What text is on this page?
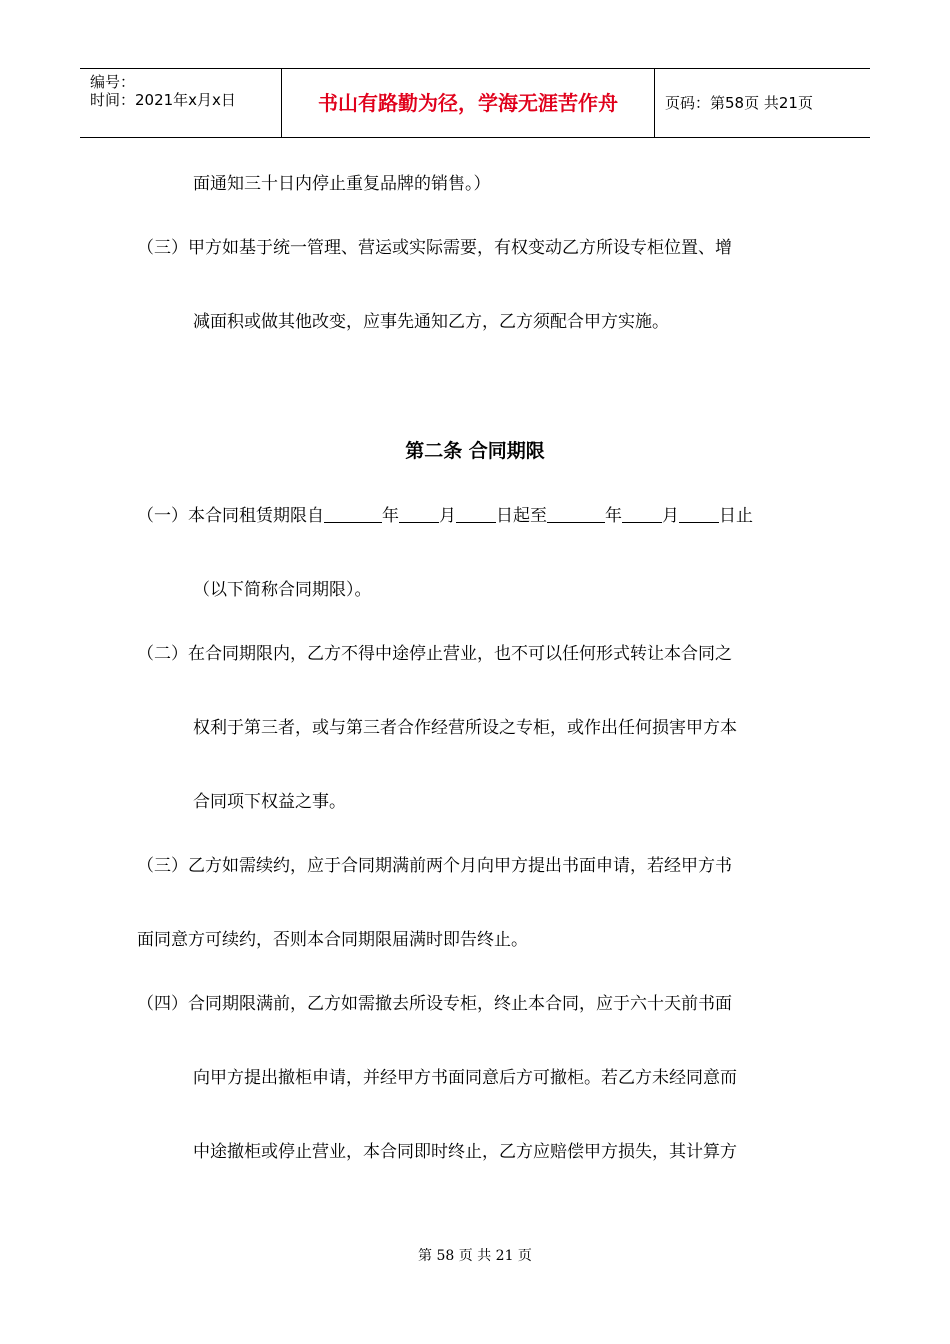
编号：
时间：2021年x月x日	书山有路勤为径，学海无涯苦作舟	页码：第58页 共21页
面通知三十日内停止重复品牌的销售。）
（三）甲方如基于统一管理、营运或实际需要，有权变动乙方所设专柜位置、增
减面积或做其他改变，应事先通知乙方，乙方须配合甲方实施。
第二条 合同期限
（一）本合同租赁期限自	年 月 日起至	年 月 日止
（以下简称合同期限）。
（二）在合同期限内，乙方不得中途停止营业，也不可以任何形式转让本合同之
权利于第三者，或与第三者合作经营所设之专柜，或作出任何损害甲方本
合同项下权益之事。
（三）乙方如需续约，应于合同期满前两个月向甲方提出书面申请，若经甲方书
面同意方可续约，否则本合同期限届满时即告终止。
（四）合同期限满前，乙方如需撤去所设专柜，终止本合同，应于六十天前书面
向甲方提出撤柜申请，并经甲方书面同意后方可撤柜。若乙方未经同意而
中途撤柜或停止营业，本合同即时终止，乙方应赔偿甲方损失，其计算方
第 58 页 共 21 页
